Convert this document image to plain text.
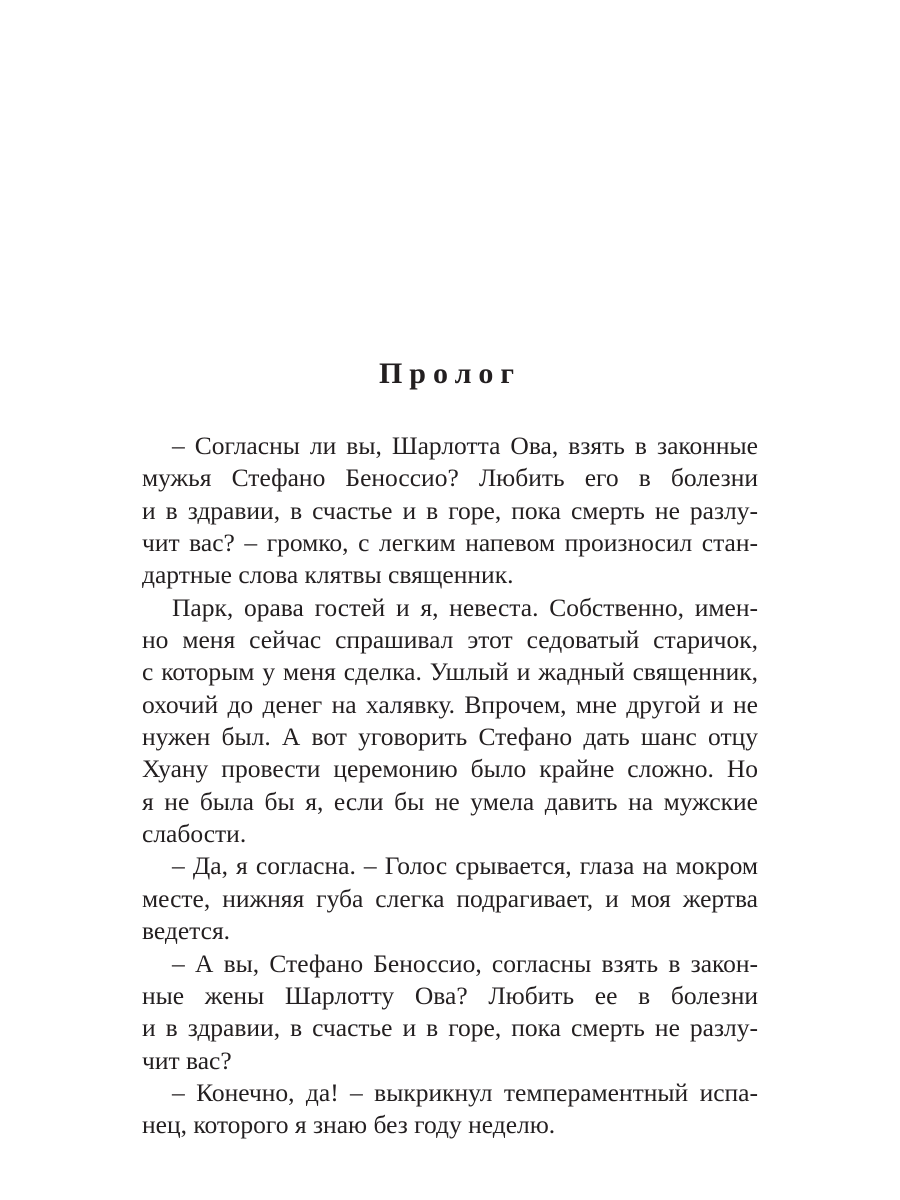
Пролог
– Согласны ли вы, Шарлотта Ова, взять в законные
мужья Стефано Беноссио? Любить его в болезни
и в здравии, в счастье и в горе, пока смерть не разлу-
чит вас? – громко, с легким напевом произносил стан-
дартные слова клятвы священник.
Парк, орава гостей и я, невеста. Собственно, имен-
но меня сейчас спрашивал этот седоватый старичок,
с которым у меня сделка. Ушлый и жадный священник,
охочий до денег на халявку. Впрочем, мне другой и не
нужен был. А вот уговорить Стефано дать шанс отцу
Хуану провести церемонию было крайне сложно. Но
я не была бы я, если бы не умела давить на мужские
слабости.
– Да, я согласна. – Голос срывается, глаза на мокром
месте, нижняя губа слегка подрагивает, и моя жертва
ведется.
– А вы, Стефано Беноссио, согласны взять в закон-
ные жены Шарлотту Ова? Любить ее в болезни
и в здравии, в счастье и в горе, пока смерть не разлу-
чит вас?
– Конечно, да! – выкрикнул темпераментный испа-
нец, которого я знаю без году неделю.
